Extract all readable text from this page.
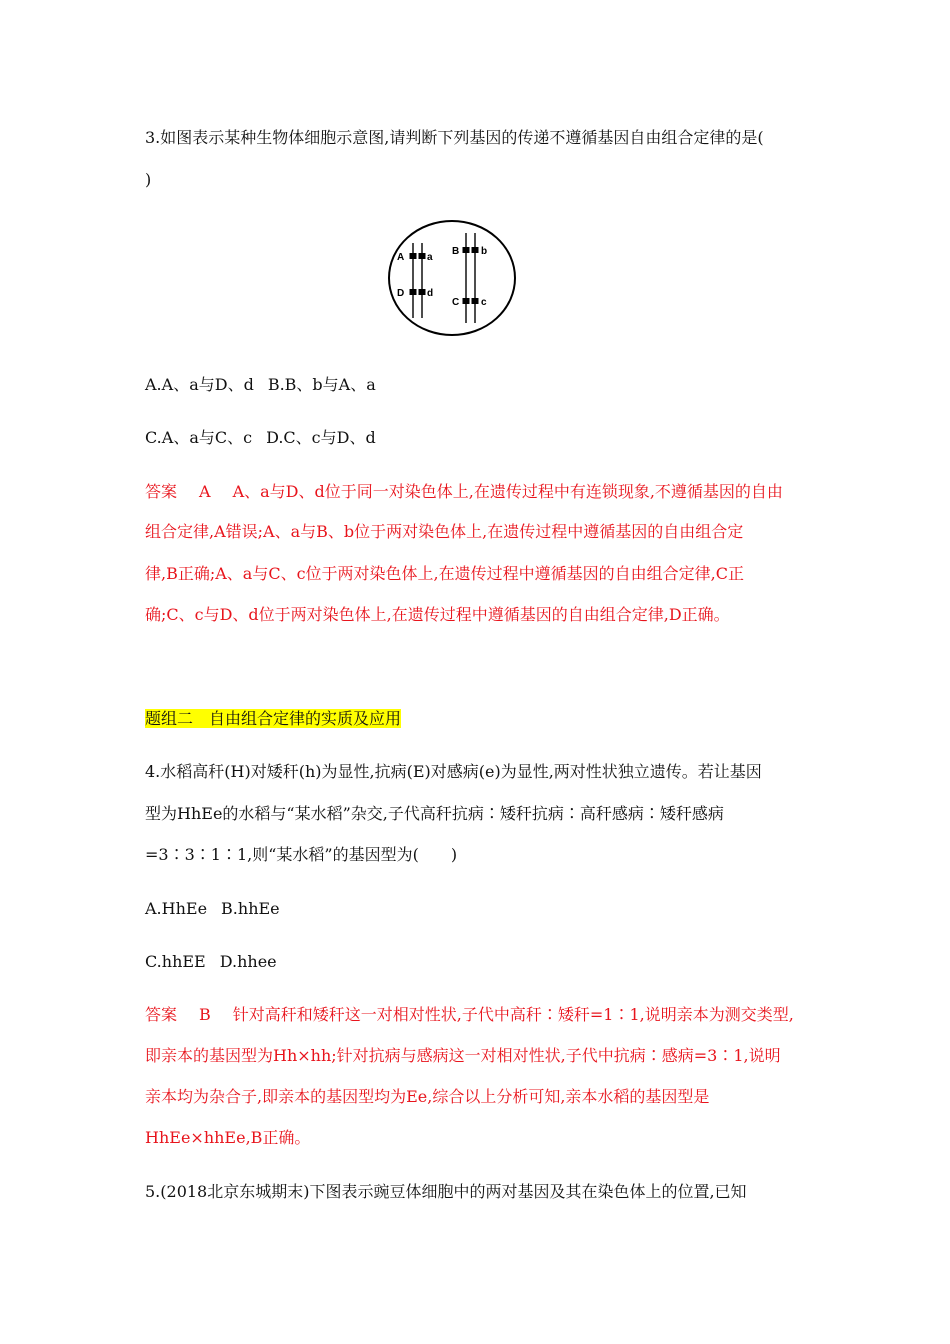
3.如图表示某种生物体细胞示意图,请判断下列基因的传递不遵循基因自由组合定律的是(
)
A a
D d
B b
C c
A.A、a与D、d B.B、b与A、a
C.A、a与C、c D.C、c与D、d
答案 A A、a与D、d位于同一对染色体上,在遗传过程中有连锁现象,不遵循基因的自由
组合定律,A错误;A、a与B、b位于两对染色体上,在遗传过程中遵循基因的自由组合定
律,B正确;A、a与C、c位于两对染色体上,在遗传过程中遵循基因的自由组合定律,C正
确;C、c与D、d位于两对染色体上,在遗传过程中遵循基因的自由组合定律,D正确。
题组二　自由组合定律的实质及应用
4.水稻高秆(H)对矮秆(h)为显性,抗病(E)对感病(e)为显性,两对性状独立遗传。若让基因
型为HhEe的水稻与“某水稻”杂交,子代高秆抗病∶矮秆抗病∶高秆感病∶矮秆感病
=3∶3∶1∶1,则“某水稻”的基因型为(　　)
A.HhEe B.hhEe
C.hhEE D.hhee
答案 B 针对高秆和矮秆这一对相对性状,子代中高秆∶矮秆=1∶1,说明亲本为测交类型,
即亲本的基因型为Hh×hh;针对抗病与感病这一对相对性状,子代中抗病∶感病=3∶1,说明
亲本均为杂合子,即亲本的基因型均为Ee,综合以上分析可知,亲本水稻的基因型是
HhEe×hhEe,B正确。
5.(2018北京东城期末)下图表示豌豆体细胞中的两对基因及其在染色体上的位置,已知
